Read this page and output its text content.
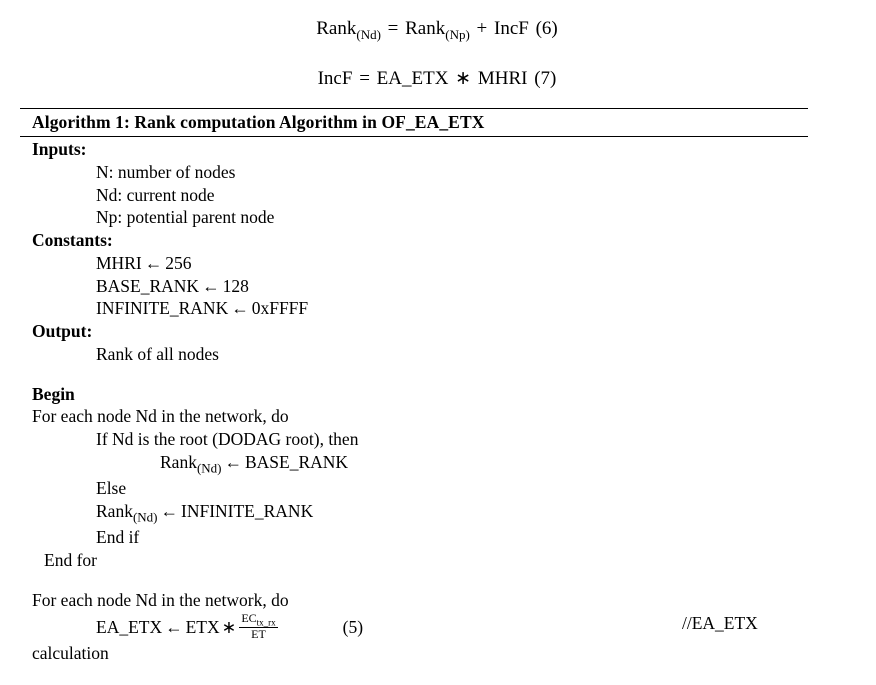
Rank$_{(Nd)}$ = Rank$_{(Np)}$ + IncF (6)
IncF = EA_ETX ∗ MHRI (7)
Algorithm 1: Rank computation Algorithm in OF_EA_ETX
Inputs:
N: number of nodes
Nd: current node
Np: potential parent node
Constants:
MHRI ← 256
BASE_RANK ← 128
INFINITE_RANK ← 0xFFFF
Output:
Rank of all nodes
Begin
For each node Nd in the network, do
If Nd is the root (DODAG root), then
Rank$_{(Nd)}$ ← BASE_RANK
Else
Rank$_{(Nd)}$ ← INFINITE_RANK
End if
End for
For each node Nd in the network, do
EA_ETX ← ETX ∗ $\frac{EC_{tx\_rx}}{ET}$	(5)	//EA_ETX
calculation
